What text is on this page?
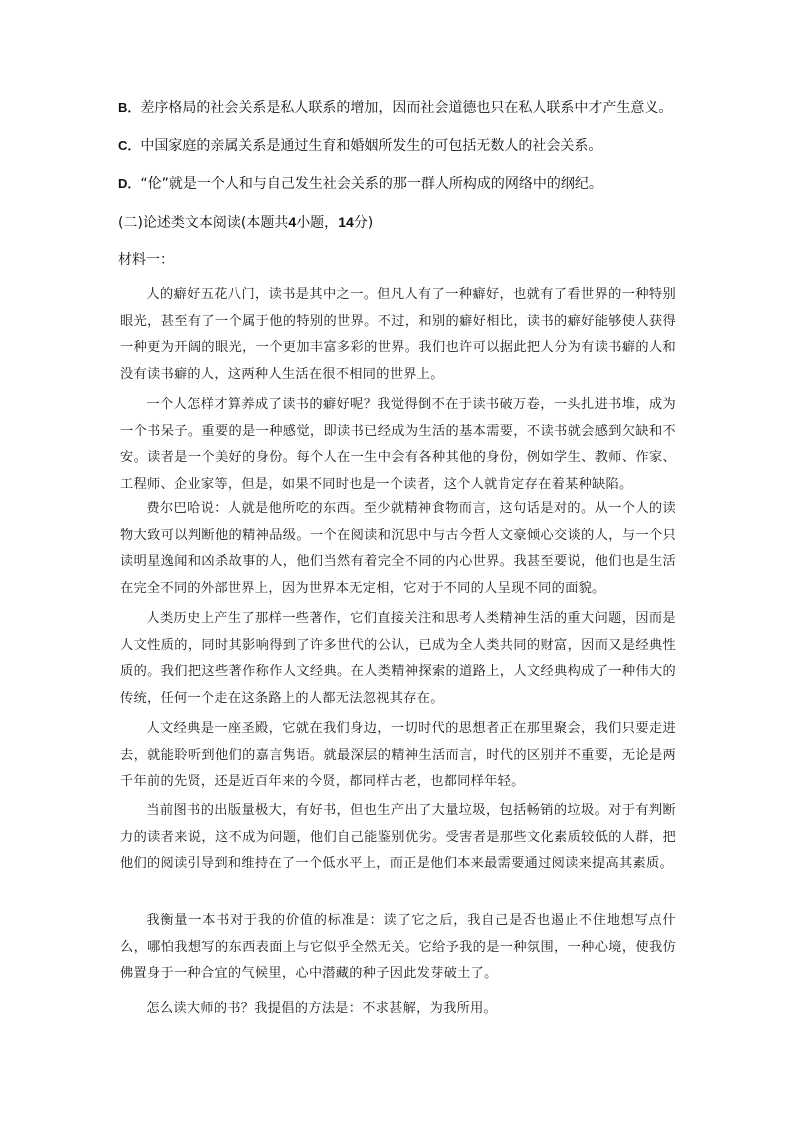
B．差序格局的社会关系是私人联系的增加，因而社会道德也只在私人联系中才产生意义。
C．中国家庭的亲属关系是通过生育和婚姻所发生的可包括无数人的社会关系。
D．“伦”就是一个人和与自己发生社会关系的那一群人所构成的网络中的纲纪。
(二)论述类文本阅读(本题共4小题，14分)
材料一：

人的癖好五花八门，读书是其中之一。但凡人有了一种癖好，也就有了看世界的一种特别眼光，甚至有了一个属于他的特别的世界。不过，和别的癖好相比，读书的癖好能够使人获得一种更为开阔的眼光，一个更加丰富多彩的世界。我们也许可以据此把人分为有读书癖的人和没有读书癖的人，这两种人生活在很不相同的世界上。

一个人怎样才算养成了读书的癖好呢？我觉得倒不在于读书破万卷，一头扎进书堆，成为一个书呆子。重要的是一种感觉，即读书已经成为生活的基本需要，不读书就会感到欠缺和不安。读者是一个美好的身份。每个人在一生中会有各种其他的身份，例如学生、教师、作家、工程师、企业家等，但是，如果不同时也是一个读者，这个人就肯定存在着某种缺陷。

费尔巴哈说：人就是他所吃的东西。至少就精神食物而言，这句话是对的。从一个人的读物大致可以判断他的精神品级。一个在阅读和沉思中与古今哲人文豪倾心交谈的人，与一个只读明星逸闻和凶杀故事的人，他们当然有着完全不同的内心世界。我甚至要说，他们也是生活在完全不同的外部世界上，因为世界本无定相，它对于不同的人呈现不同的面貌。

人类历史上产生了那样一些著作，它们直接关注和思考人类精神生活的重大问题，因而是人文性质的，同时其影响得到了许多世代的公认，已成为全人类共同的财富，因而又是经典性质的。我们把这些著作称作人文经典。在人类精神探索的道路上，人文经典构成了一种伟大的传统，任何一个走在这条路上的人都无法忽视其存在。

人文经典是一座圣殿，它就在我们身边，一切时代的思想者正在那里聚会，我们只要走进去，就能聆听到他们的嘉言隽语。就最深层的精神生活而言，时代的区别并不重要，无论是两千年前的先贤，还是近百年来的今贤，都同样古老，也都同样年轻。

当前图书的出版量极大，有好书，但也生产出了大量垃圾，包括畅销的垃圾。对于有判断力的读者来说，这不成为问题，他们自己能鉴别优劣。受害者是那些文化素质较低的人群，把他们的阅读引导到和维持在了一个低水平上，而正是他们本来最需要通过阅读来提高其素质。

我衡量一本书对于我的价值的标准是：读了它之后，我自己是否也遏止不住地想写点什么，哪怕我想写的东西表面上与它似乎全然无关。它给予我的是一种氛围，一种心境，使我仿佛置身于一种合宜的气候里，心中潜藏的种子因此发芽破土了。

怎么读大师的书？我提倡的方法是：不求甚解，为我所用。
